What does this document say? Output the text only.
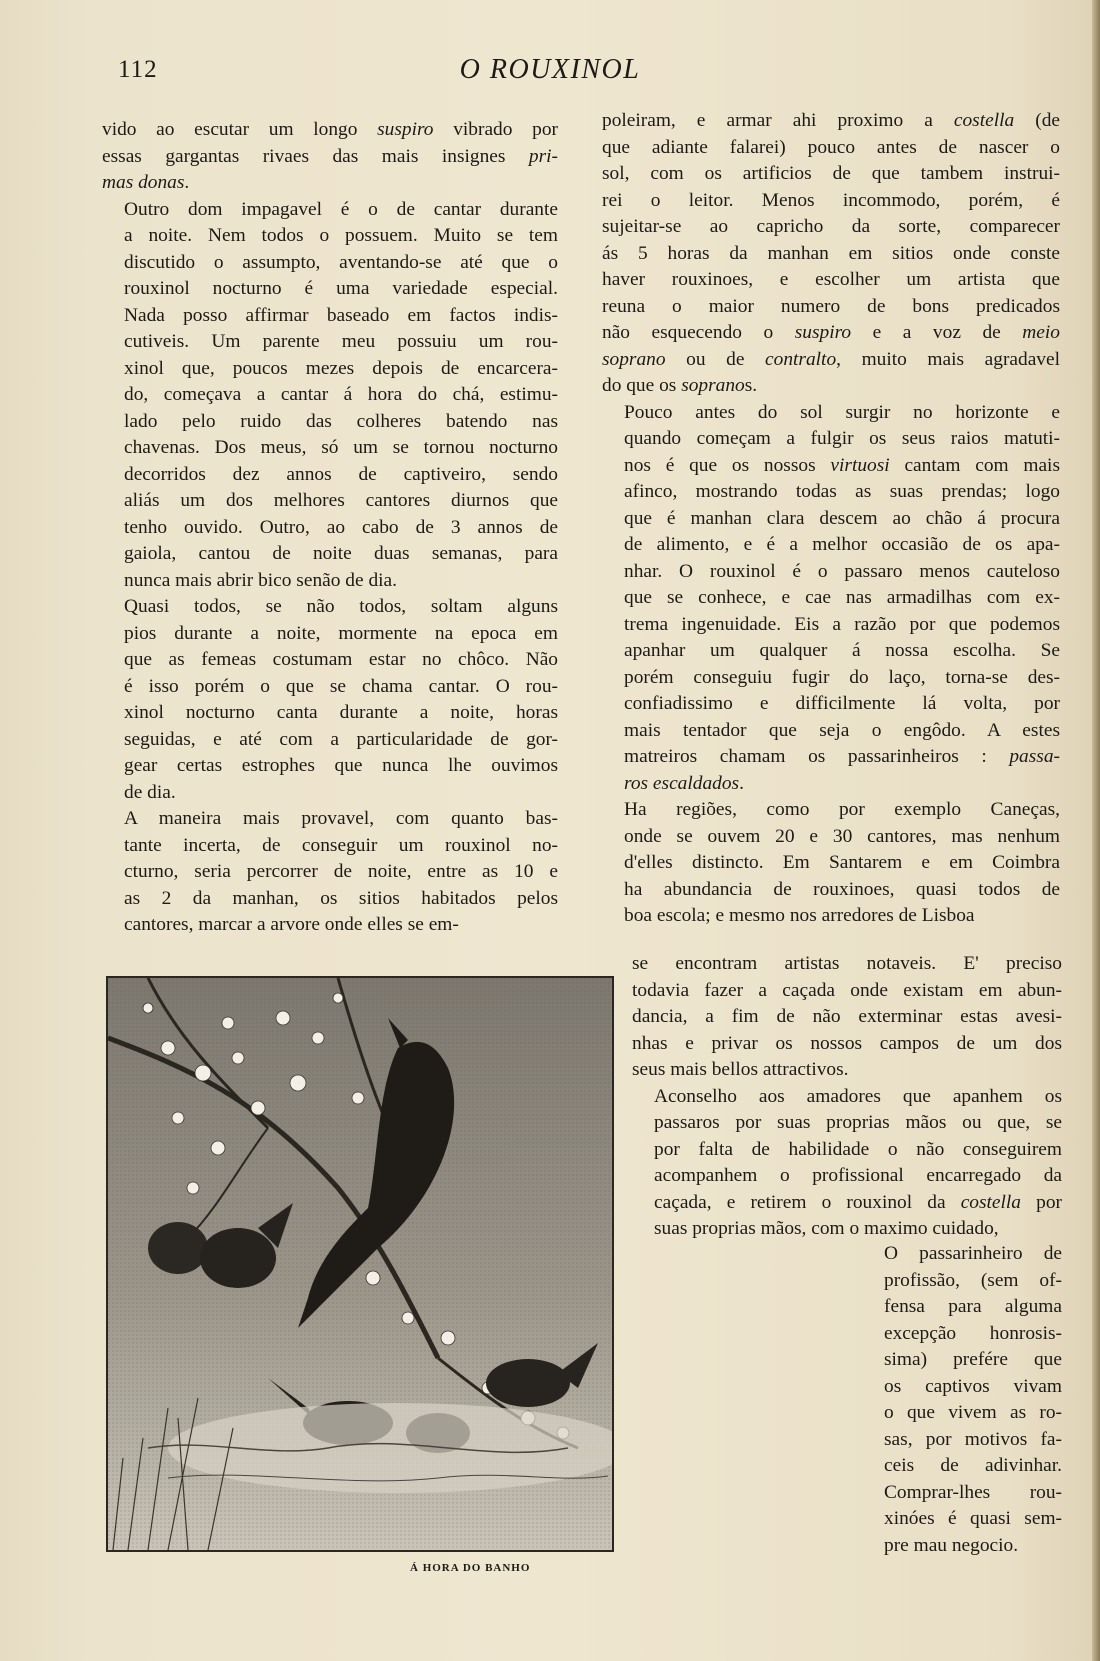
112	O ROUXINOL

vido ao escutar um longo suspiro vibrado por
essas gargantas rivaes das mais insignes pri-
mas donas.

Outro dom impagavel é o de cantar durante
a noite. Nem todos o possuem. Muito se tem
discutido o assumpto, aventando-se até que o
rouxinol nocturno é uma variedade especial.
Nada posso affirmar baseado em factos indis-
cutiveis. Um parente meu possuiu um rou-
xinol que, poucos mezes depois de encarcera-
do, começava a cantar á hora do chá, estimu-
lado pelo ruido das colheres batendo nas
chavenas. Dos meus, só um se tornou nocturno
decorridos dez annos de captiveiro, sendo
aliás um dos melhores cantores diurnos que
tenho ouvido. Outro, ao cabo de 3 annos de
gaiola, cantou de noite duas semanas, para
nunca mais abrir bico senão de dia.

Quasi todos, se não todos, soltam alguns
pios durante a noite, mormente na epoca em
que as femeas costumam estar no chôco. Não
é isso porém o que se chama cantar. O rou-
xinol nocturno canta durante a noite, horas
seguidas, e até com a particularidade de gor-
gear certas estrophes que nunca lhe ouvimos
de dia.

A maneira mais provavel, com quanto bas-
tante incerta, de conseguir um rouxinol no-
cturno, seria percorrer de noite, entre as 10 e
as 2 da manhan, os sitios habitados pelos
cantores, marcar a arvore onde elles se em-

poleiram, e armar ahi proximo a costella (de
que adiante falarei) pouco antes de nascer o
sol, com os artificios de que tambem instrui-
rei o leitor. Menos incommodo, porém, é
sujeitar-se ao capricho da sorte, comparecer
ás 5 horas da manhan em sitios onde conste
haver rouxinoes, e escolher um artista que
reuna o maior numero de bons predicados
não esquecendo o suspiro e a voz de meio
soprano ou de contralto, muito mais agradavel
do que os sopranos.

Pouco antes do sol surgir no horizonte e
quando começam a fulgir os seus raios matuti-
nos é que os nossos virtuosi cantam com mais
afinco, mostrando todas as suas prendas; logo
que é manhan clara descem ao chão á procura
de alimento, e é a melhor occasião de os apa-
nhar. O rouxinol é o passaro menos cauteloso
que se conhece, e cae nas armadilhas com ex-
trema ingenuidade. Eis a razão por que podemos
apanhar um qualquer á nossa escolha. Se
porém conseguiu fugir do laço, torna-se des-
confiadissimo e difficilmente lá volta, por
mais tentador que seja o engôdo. A estes
matreiros chamam os passarinheiros : passa-
ros escaldados.

Ha regiões, como por exemplo Caneças,
onde se ouvem 20 e 30 cantores, mas nenhum
d'elles distincto. Em Santarem e em Coimbra
ha abundancia de rouxinoes, quasi todos de
boa escola; e mesmo nos arredores de Lisboa

Á HORA DO BANHO

se encontram artistas notaveis. E' preciso
todavia fazer a caçada onde existam em abun-
dancia, a fim de não exterminar estas avesi-
nhas e privar os nossos campos de um dos
seus mais bellos attractivos.

Aconselho aos amadores que apanhem os
passaros por suas proprias mãos ou que, se
por falta de habilidade o não conseguirem
acompanhem o profissional encarregado da
caçada, e retirem o rouxinol da costella por
suas proprias mãos, com o maximo cuidado,

O passarinheiro de
profissão, (sem of-
fensa para alguma
excepção honrosis-
sima) prefére que
os captivos vivam
o que vivem as ro-
sas, por motivos fa-
ceis de adivinhar.
Comprar-lhes rou-
xinóes é quasi sem-
pre mau negocio.
